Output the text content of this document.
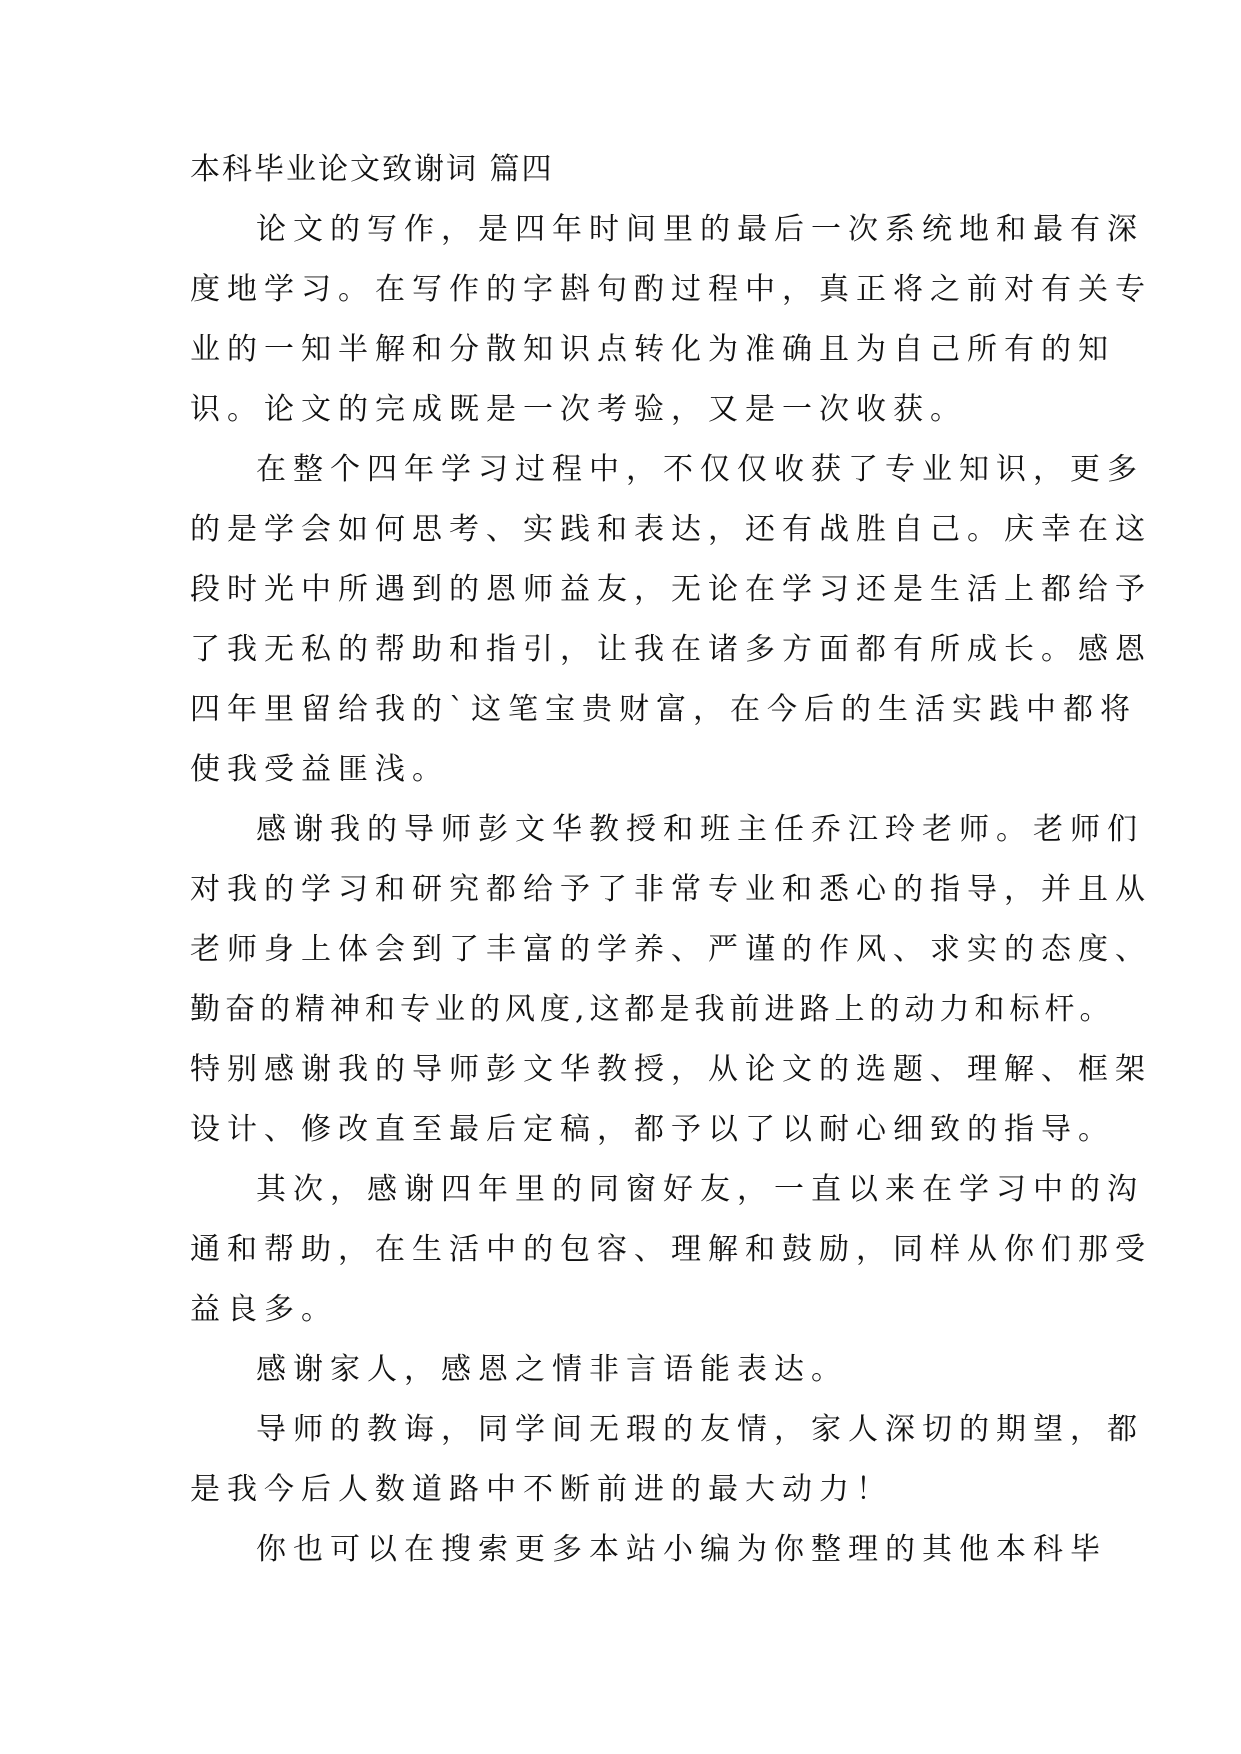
本科毕业论文致谢词 篇四
论文的写作，是四年时间里的最后一次系统地和最有深
度地学习。在写作的字斟句酌过程中，真正将之前对有关专
业的一知半解和分散知识点转化为准确且为自己所有的知
识。论文的完成既是一次考验，又是一次收获。
在整个四年学习过程中，不仅仅收获了专业知识，更多
的是学会如何思考、实践和表达，还有战胜自己。庆幸在这
段时光中所遇到的恩师益友，无论在学习还是生活上都给予
了我无私的帮助和指引，让我在诸多方面都有所成长。感恩
四年里留给我的`这笔宝贵财富，在今后的生活实践中都将
使我受益匪浅。
感谢我的导师彭文华教授和班主任乔江玲老师。老师们
对我的学习和研究都给予了非常专业和悉心的指导，并且从
老师身上体会到了丰富的学养、严谨的作风、求实的态度、
勤奋的精神和专业的风度,这都是我前进路上的动力和标杆。
特别感谢我的导师彭文华教授，从论文的选题、理解、框架
设计、修改直至最后定稿，都予以了以耐心细致的指导。
其次，感谢四年里的同窗好友，一直以来在学习中的沟
通和帮助，在生活中的包容、理解和鼓励，同样从你们那受
益良多。
感谢家人，感恩之情非言语能表达。
导师的教诲，同学间无瑕的友情，家人深切的期望，都
是我今后人数道路中不断前进的最大动力！
你也可以在搜索更多本站小编为你整理的其他本科毕
